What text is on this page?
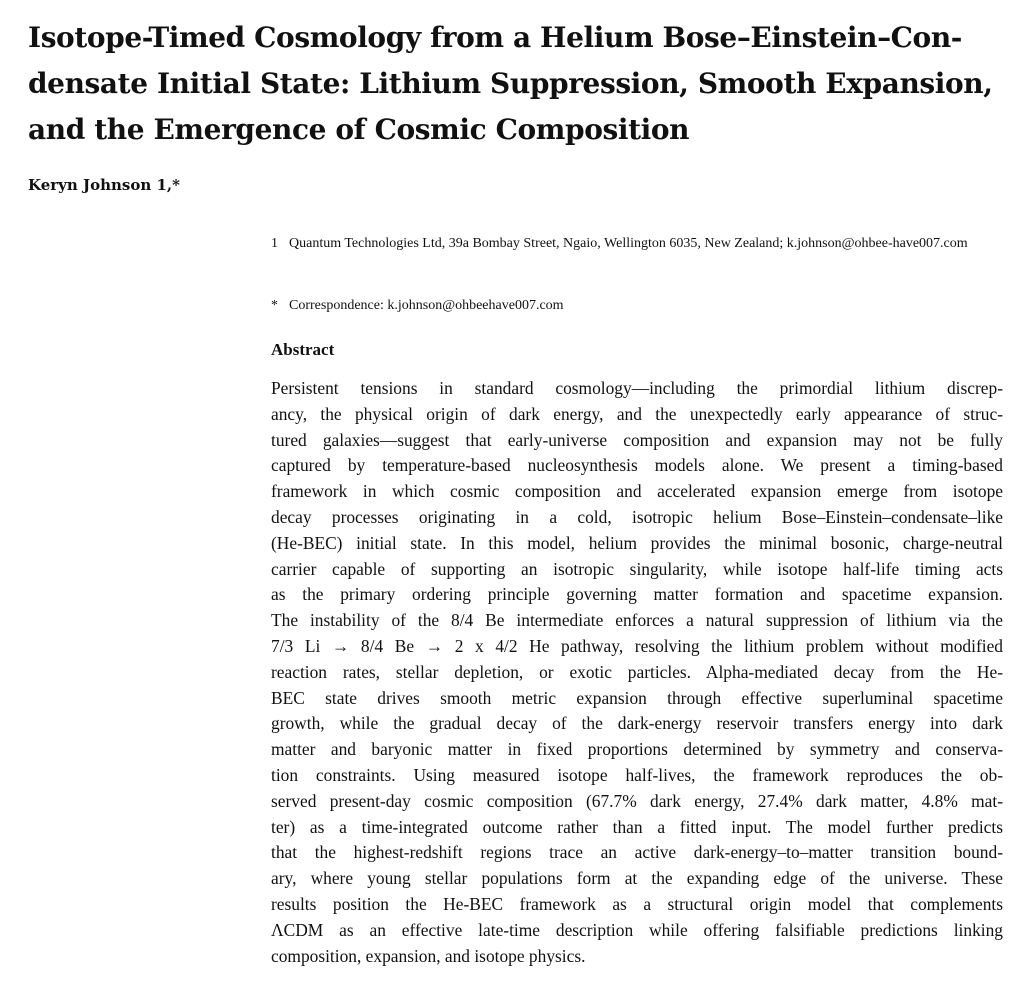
Isotope-Timed Cosmology from a Helium Bose–Einstein–Con-
densate Initial State: Lithium Suppression, Smooth Expansion,
and the Emergence of Cosmic Composition
Keryn Johnson 1,*
1 Quantum Technologies Ltd, 39a Bombay Street, Ngaio, Wellington 6035, New Zealand; k.johnson@ohbee-have007.com
* Correspondence: k.johnson@ohbeehave007.com
Abstract
Persistent tensions in standard cosmology—including the primordial lithium discrep-
ancy, the physical origin of dark energy, and the unexpectedly early appearance of struc-
tured galaxies—suggest that early-universe composition and expansion may not be fully
captured by temperature-based nucleosynthesis models alone. We present a timing-based
framework in which cosmic composition and accelerated expansion emerge from isotope
decay processes originating in a cold, isotropic helium Bose–Einstein–condensate–like
(He-BEC) initial state. In this model, helium provides the minimal bosonic, charge-neutral
carrier capable of supporting an isotropic singularity, while isotope half-life timing acts
as the primary ordering principle governing matter formation and spacetime expansion.
The instability of the 8/4 Be intermediate enforces a natural suppression of lithium via the
7/3 Li → 8/4 Be → 2 x 4/2 He pathway, resolving the lithium problem without modified
reaction rates, stellar depletion, or exotic particles. Alpha-mediated decay from the He-
BEC state drives smooth metric expansion through effective superluminal spacetime
growth, while the gradual decay of the dark-energy reservoir transfers energy into dark
matter and baryonic matter in fixed proportions determined by symmetry and conserva-
tion constraints. Using measured isotope half-lives, the framework reproduces the ob-
served present-day cosmic composition (67.7% dark energy, 27.4% dark matter, 4.8% mat-
ter) as a time-integrated outcome rather than a fitted input. The model further predicts
that the highest-redshift regions trace an active dark-energy–to–matter transition bound-
ary, where young stellar populations form at the expanding edge of the universe. These
results position the He-BEC framework as a structural origin model that complements
ΛCDM as an effective late-time description while offering falsifiable predictions linking
composition, expansion, and isotope physics.
